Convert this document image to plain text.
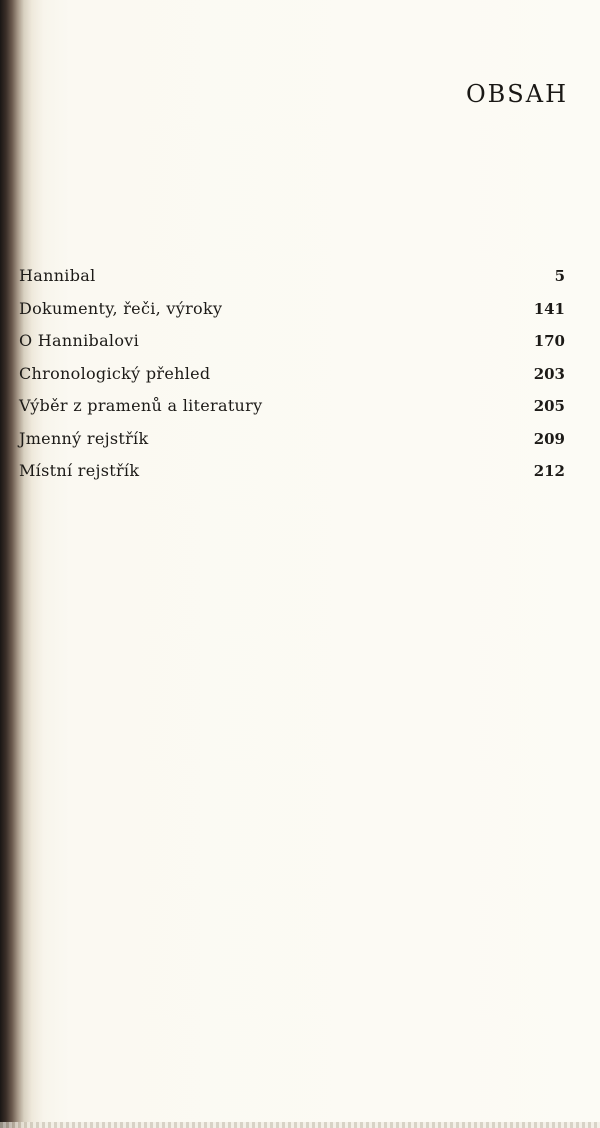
OBSAH
Hannibal	5
Dokumenty, řeči, výroky	141
O Hannibalovi	170
Chronologický přehled	203
Výběr z pramenů a literatury	205
Jmenný rejstřík	209
Místní rejstřík	212
